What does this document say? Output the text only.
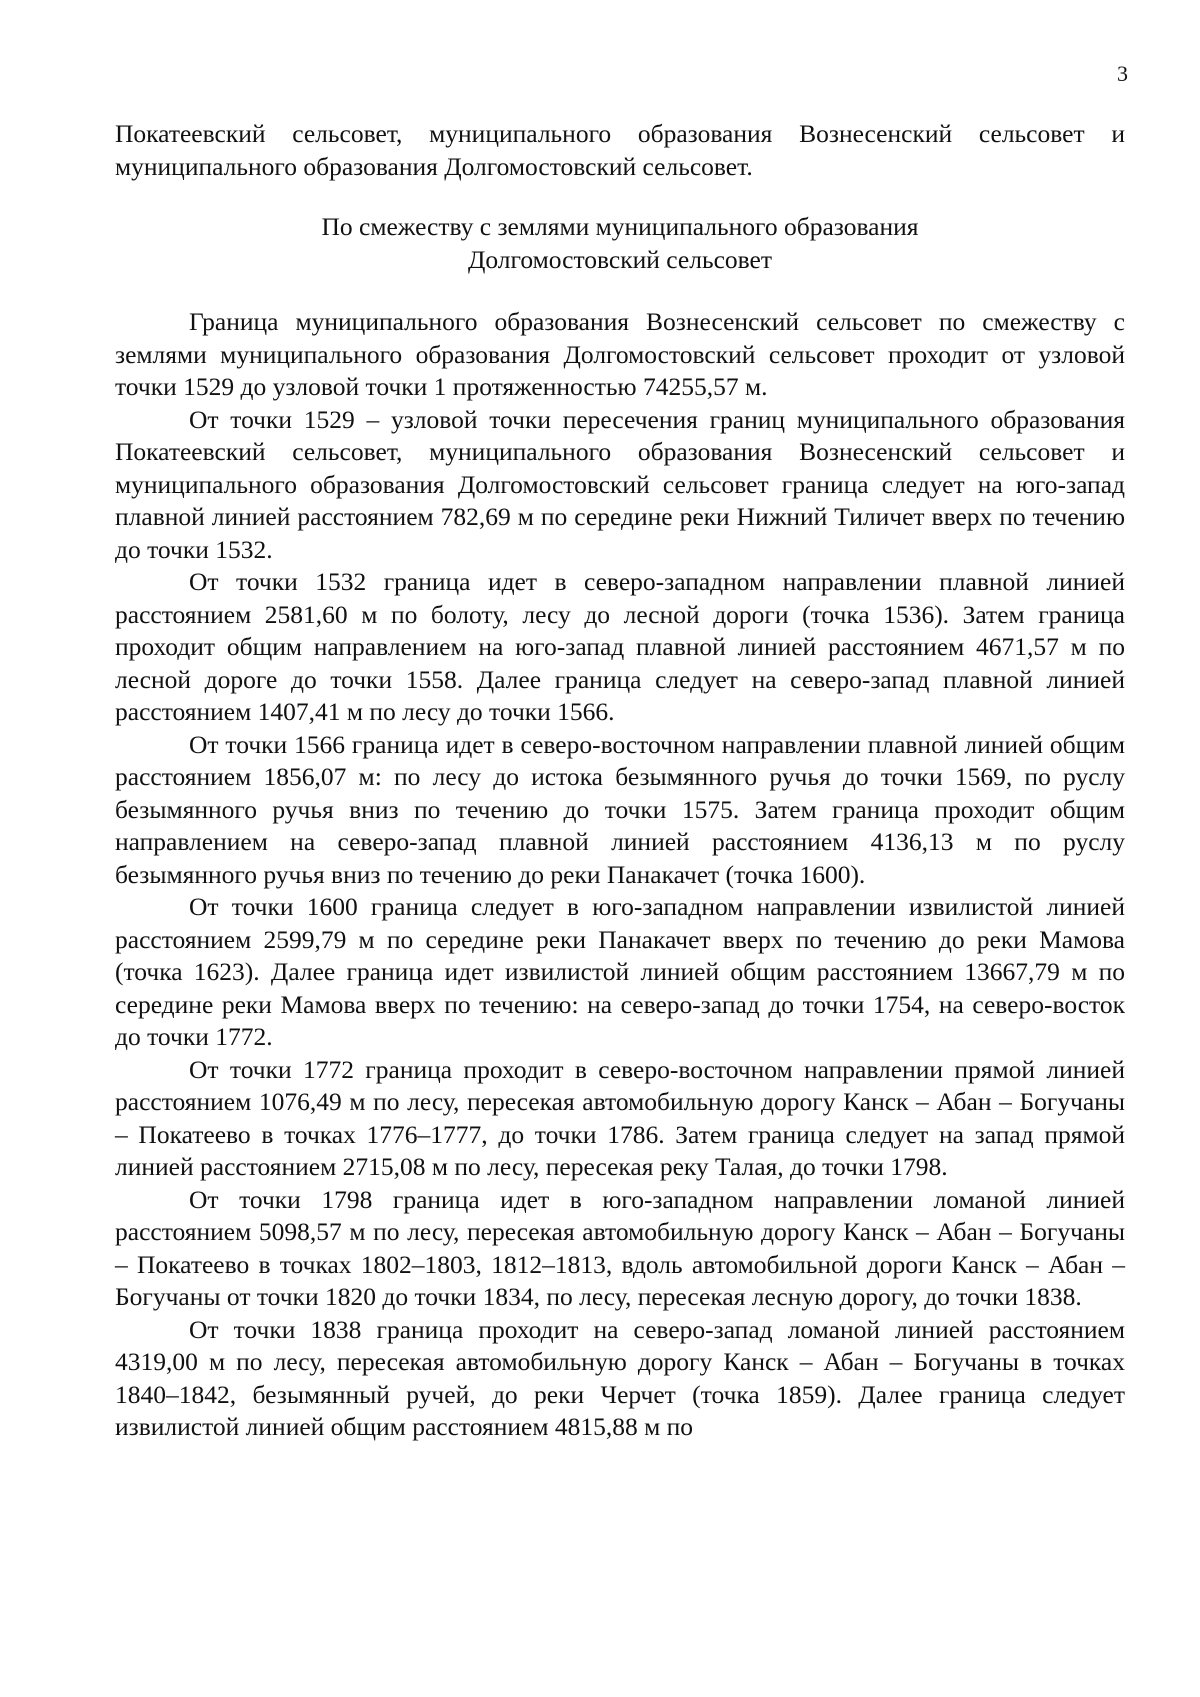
3

Покатеевский сельсовет, муниципального образования Вознесенский сельсовет и муниципального образования Долгомостовский сельсовет.

По смежеству с землями муниципального образования
Долгомостовский сельсовет

Граница муниципального образования Вознесенский сельсовет по смежеству с землями муниципального образования Долгомостовский сельсовет проходит от узловой точки 1529 до узловой точки 1 протяженностью 74255,57 м.

От точки 1529 – узловой точки пересечения границ муниципального образования Покатеевский сельсовет, муниципального образования Вознесенский сельсовет и муниципального образования Долгомостовский сельсовет граница следует на юго-запад плавной линией расстоянием 782,69 м по середине реки Нижний Тиличет вверх по течению до точки 1532.

От точки 1532 граница идет в северо-западном направлении плавной линией расстоянием 2581,60 м по болоту, лесу до лесной дороги (точка 1536). Затем граница проходит общим направлением на юго-запад плавной линией расстоянием 4671,57 м по лесной дороге до точки 1558. Далее граница следует на северо-запад плавной линией расстоянием 1407,41 м по лесу до точки 1566.

От точки 1566 граница идет в северо-восточном направлении плавной линией общим расстоянием 1856,07 м: по лесу до истока безымянного ручья до точки 1569, по руслу безымянного ручья вниз по течению до точки 1575. Затем граница проходит общим направлением на северо-запад плавной линией расстоянием 4136,13 м по руслу безымянного ручья вниз по течению до реки Панакачет (точка 1600).

От точки 1600 граница следует в юго-западном направлении извилистой линией расстоянием 2599,79 м по середине реки Панакачет вверх по течению до реки Мамова (точка 1623). Далее граница идет извилистой линией общим расстоянием 13667,79 м по середине реки Мамова вверх по течению: на северо-запад до точки 1754, на северо-восток до точки 1772.

От точки 1772 граница проходит в северо-восточном направлении прямой линией расстоянием 1076,49 м по лесу, пересекая автомобильную дорогу Канск – Абан – Богучаны – Покатеево в точках 1776–1777, до точки 1786. Затем граница следует на запад прямой линией расстоянием 2715,08 м по лесу, пересекая реку Талая, до точки 1798.

От точки 1798 граница идет в юго-западном направлении ломаной линией расстоянием 5098,57 м по лесу, пересекая автомобильную дорогу Канск – Абан – Богучаны – Покатеево в точках 1802–1803, 1812–1813, вдоль автомобильной дороги Канск – Абан – Богучаны от точки 1820 до точки 1834, по лесу, пересекая лесную дорогу, до точки 1838.

От точки 1838 граница проходит на северо-запад ломаной линией расстоянием 4319,00 м по лесу, пересекая автомобильную дорогу Канск – Абан – Богучаны в точках 1840–1842, безымянный ручей, до реки Черчет (точка 1859). Далее граница следует извилистой линией общим расстоянием 4815,88 м по
